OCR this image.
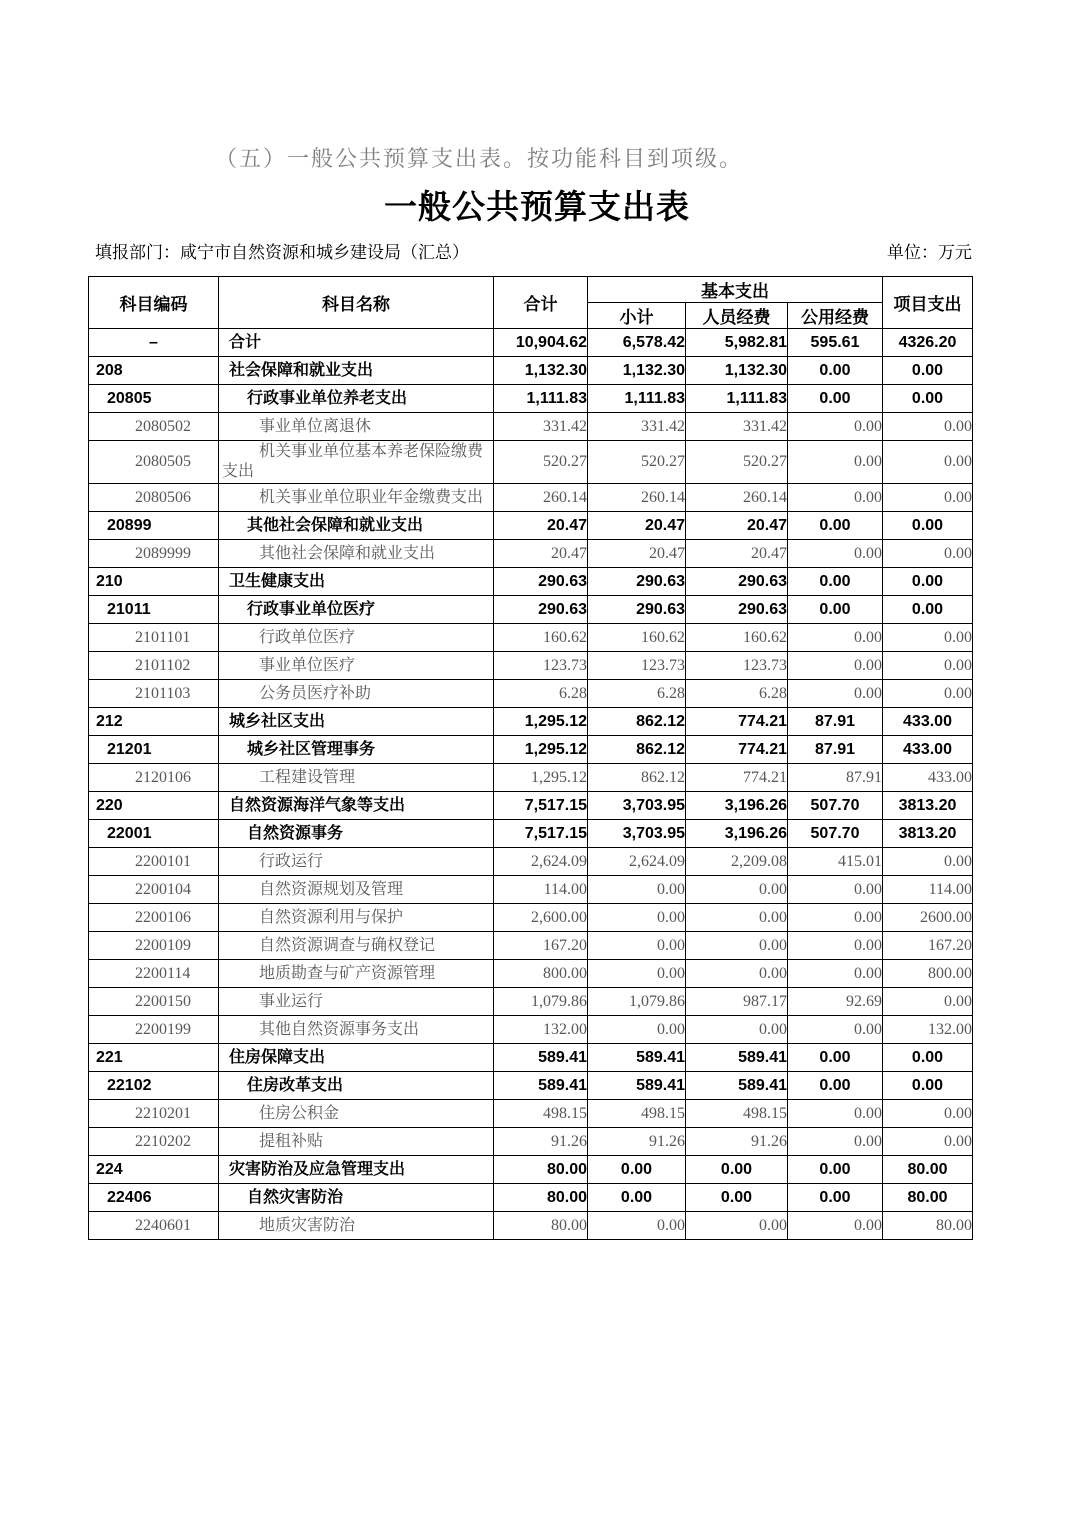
（五）一般公共预算支出表。按功能科目到项级。
一般公共预算支出表
填报部门：咸宁市自然资源和城乡建设局（汇总）	单位：万元
科目编码	科目名称	合计	基本支出			项目支出
			小计	人员经费	公用经费	
–	合计	10,904.62	6,578.42	5,982.81	595.61	4326.20
208	社会保障和就业支出	1,132.30	1,132.30	1,132.30	0.00	0.00
20805	行政事业单位养老支出	1,111.83	1,111.83	1,111.83	0.00	0.00
2080502	事业单位离退休	331.42	331.42	331.42	0.00	0.00
2080505	机关事业单位基本养老保险缴费支出	520.27	520.27	520.27	0.00	0.00
2080506	机关事业单位职业年金缴费支出	260.14	260.14	260.14	0.00	0.00
20899	其他社会保障和就业支出	20.47	20.47	20.47	0.00	0.00
2089999	其他社会保障和就业支出	20.47	20.47	20.47	0.00	0.00
210	卫生健康支出	290.63	290.63	290.63	0.00	0.00
21011	行政事业单位医疗	290.63	290.63	290.63	0.00	0.00
2101101	行政单位医疗	160.62	160.62	160.62	0.00	0.00
2101102	事业单位医疗	123.73	123.73	123.73	0.00	0.00
2101103	公务员医疗补助	6.28	6.28	6.28	0.00	0.00
212	城乡社区支出	1,295.12	862.12	774.21	87.91	433.00
21201	城乡社区管理事务	1,295.12	862.12	774.21	87.91	433.00
2120106	工程建设管理	1,295.12	862.12	774.21	87.91	433.00
220	自然资源海洋气象等支出	7,517.15	3,703.95	3,196.26	507.70	3813.20
22001	自然资源事务	7,517.15	3,703.95	3,196.26	507.70	3813.20
2200101	行政运行	2,624.09	2,624.09	2,209.08	415.01	0.00
2200104	自然资源规划及管理	114.00	0.00	0.00	0.00	114.00
2200106	自然资源利用与保护	2,600.00	0.00	0.00	0.00	2600.00
2200109	自然资源调查与确权登记	167.20	0.00	0.00	0.00	167.20
2200114	地质勘查与矿产资源管理	800.00	0.00	0.00	0.00	800.00
2200150	事业运行	1,079.86	1,079.86	987.17	92.69	0.00
2200199	其他自然资源事务支出	132.00	0.00	0.00	0.00	132.00
221	住房保障支出	589.41	589.41	589.41	0.00	0.00
22102	住房改革支出	589.41	589.41	589.41	0.00	0.00
2210201	住房公积金	498.15	498.15	498.15	0.00	0.00
2210202	提租补贴	91.26	91.26	91.26	0.00	0.00
224	灾害防治及应急管理支出	80.00	0.00	0.00	0.00	80.00
22406	自然灾害防治	80.00	0.00	0.00	0.00	80.00
2240601	地质灾害防治	80.00	0.00	0.00	0.00	80.00
